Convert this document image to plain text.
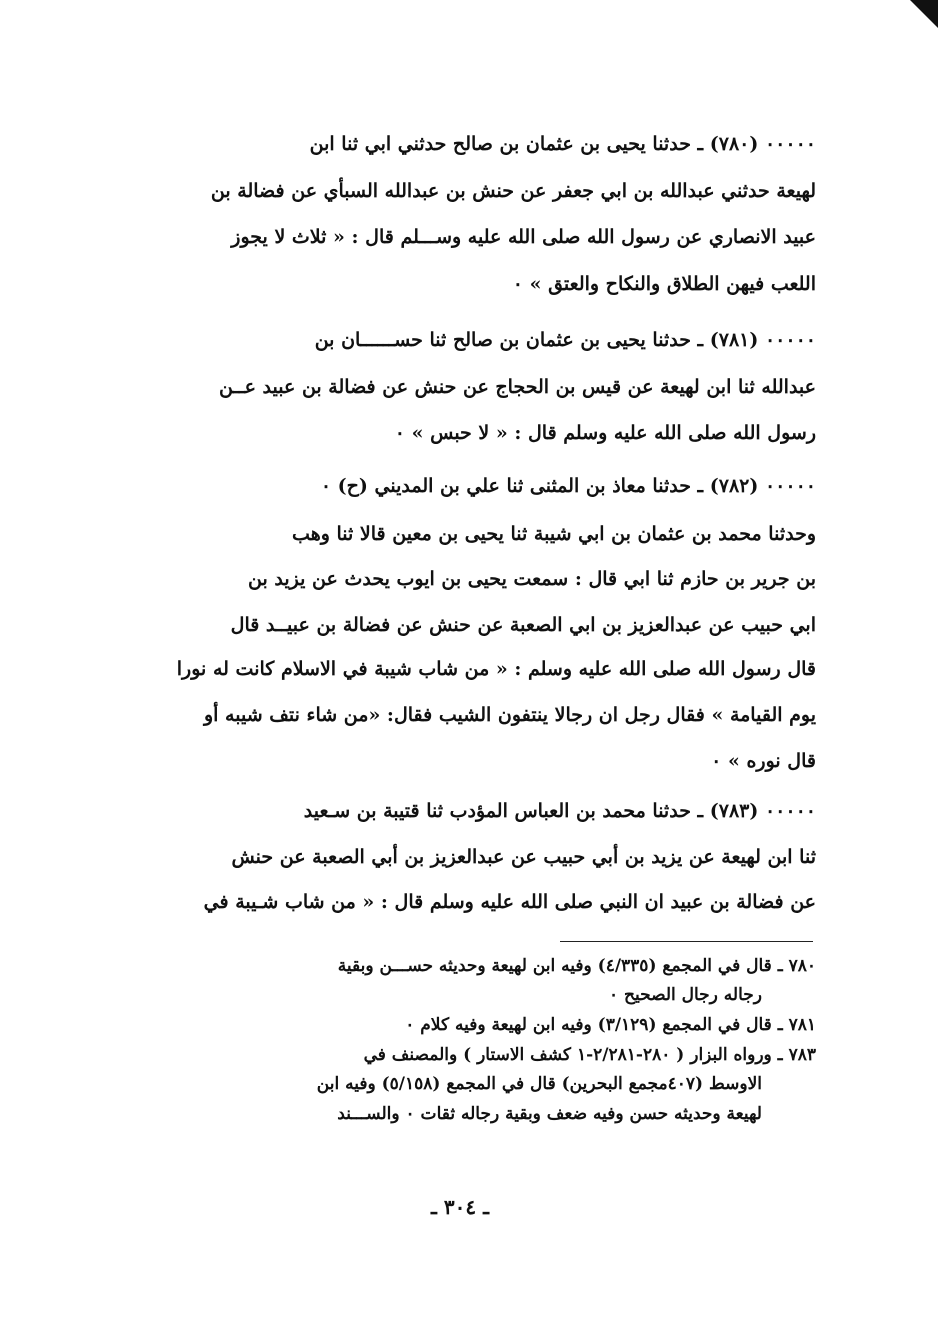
٠٠٠٠٠ (٧٨٠) ـ حدثنا يحيى بن عثمان بن صالح حدثني ابي ثنا ابن
لهيعة حدثني عبدالله بن ابي جعفر عن حنش بن عبدالله السبأي عن فضالة بن
عبيد الانصاري عن رسول الله صلى الله عليه وســـلم قال : « ثلاث لا يجوز
اللعب فيهن الطلاق والنكاح والعتق » ٠
٠٠٠٠٠ (٧٨١) ـ حدثنا يحيى بن عثمان بن صالح ثنا حســــــان بن
عبدالله ثنا ابن لهيعة عن قيس بن الحجاج عن حنش عن فضالة بن عبيد عــن
رسول الله صلى الله عليه وسلم قال : « لا حبس » ٠
٠٠٠٠٠ (٧٨٢) ـ حدثنا معاذ بن المثنى ثنا علي بن المديني (ح) ٠
وحدثنا محمد بن عثمان بن ابي شيبة ثنا يحيى بن معين قالا ثنا وهب
بن جرير بن حازم ثنا ابي قال : سمعت يحيى بن ايوب يحدث عن يزيد بن
ابي حبيب عن عبدالعزيز بن ابي الصعبة عن حنش عن فضالة بن عبيــد قال
قال رسول الله صلى الله عليه وسلم : « من شاب شيبة في الاسلام كانت له نورا
يوم القيامة » فقال رجل ان رجالا ينتفون الشيب فقال: «من شاء نتف شيبه أو
قال نوره » ٠
٠٠٠٠٠ (٧٨٣) ـ حدثنا محمد بن العباس المؤدب ثنا قتيبة بن سـعيد
ثنا ابن لهيعة عن يزيد بن أبي حبيب عن عبدالعزيز بن أبي الصعبة عن حنش
عن فضالة بن عبيد ان النبي صلى الله عليه وسلم قال : « من شاب شـيبة في
٧٨٠ ـ قال في المجمع (٤/٣٣٥) وفيه ابن لهيعة وحديثه حســـن وبقية
رجاله رجال الصحيح ٠
٧٨١ ـ قال في المجمع (٣/١٢٩) وفيه ابن لهيعة وفيه كلام ٠
٧٨٣ ـ ورواه البزار ( ٢٨٠-٢/٢٨١-١ كشف الاستار ) والمصنف في
الاوسط (٤٠٧مجمع البحرين) قال في المجمع (٥/١٥٨) وفيه ابن
لهيعة وحديثه حسن وفيه ضعف وبقية رجاله ثقات ٠ والســـند
ـ ٣٠٤ ـ
